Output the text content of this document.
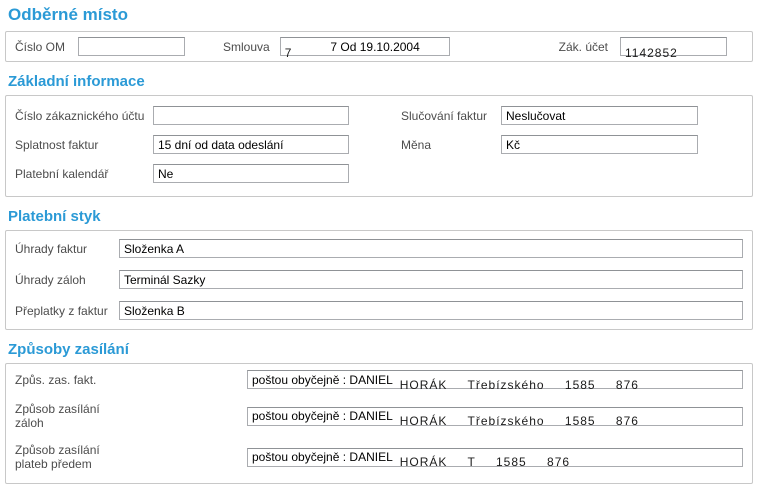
Odběrné místo
Číslo OM	Smlouva 7	7 Od 19.10.2004	Zák. účet 1142852
Základní informace
Číslo zákaznického účtu
Splatnost faktur	15 dní od data odeslání
Platební kalendář	Ne
Slučování faktur	Neslučovat
Měna	Kč
Platební styk
Úhrady faktur	Složenka A
Úhrady záloh	Terminál Sazky
Přeplatky z faktur	Složenka B
Způsoby zasílání
Způs. zas. fakt.	poštou obyčejně : DANIEL HORÁK Třebízského 1585 876
Způsob zasílání záloh	poštou obyčejně : DANIEL HORÁK Třebízského 1585 876
Způsob zasílání plateb předem	poštou obyčejně : DANIEL HORÁK T 1585 876
